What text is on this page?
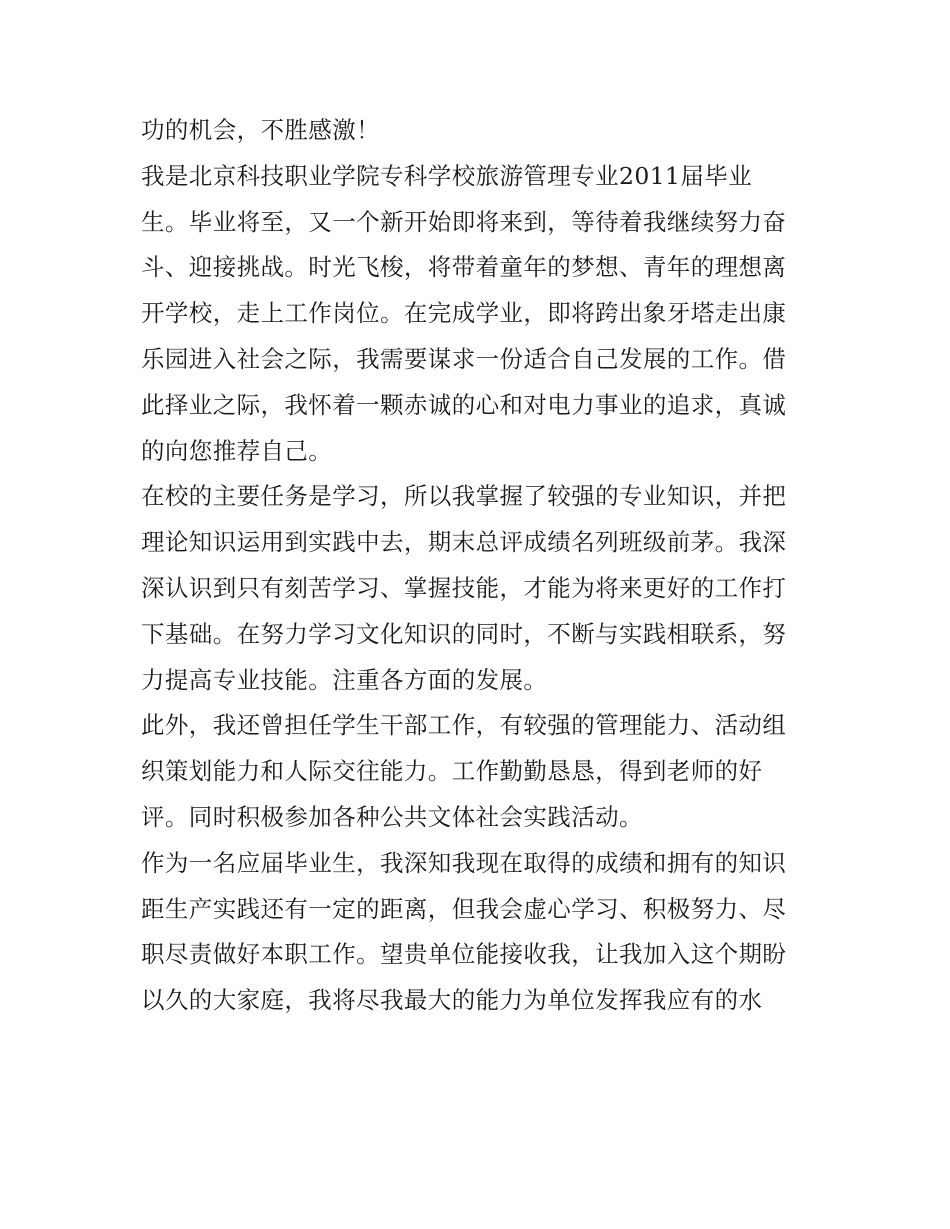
功的机会，不胜感激！
我是北京科技职业学院专科学校旅游管理专业2011届毕业
生。毕业将至，又一个新开始即将来到，等待着我继续努力奋
斗、迎接挑战。时光飞梭，将带着童年的梦想、青年的理想离
开学校，走上工作岗位。在完成学业，即将跨出象牙塔走出康
乐园进入社会之际，我需要谋求一份适合自己发展的工作。借
此择业之际，我怀着一颗赤诚的心和对电力事业的追求，真诚
的向您推荐自己。
在校的主要任务是学习，所以我掌握了较强的专业知识，并把
理论知识运用到实践中去，期末总评成绩名列班级前茅。我深
深认识到只有刻苦学习、掌握技能，才能为将来更好的工作打
下基础。在努力学习文化知识的同时，不断与实践相联系，努
力提高专业技能。注重各方面的发展。
此外，我还曾担任学生干部工作，有较强的管理能力、活动组
织策划能力和人际交往能力。工作勤勤恳恳，得到老师的好
评。同时积极参加各种公共文体社会实践活动。
作为一名应届毕业生，我深知我现在取得的成绩和拥有的知识
距生产实践还有一定的距离，但我会虚心学习、积极努力、尽
职尽责做好本职工作。望贵单位能接收我，让我加入这个期盼
以久的大家庭，我将尽我最大的能力为单位发挥我应有的水
